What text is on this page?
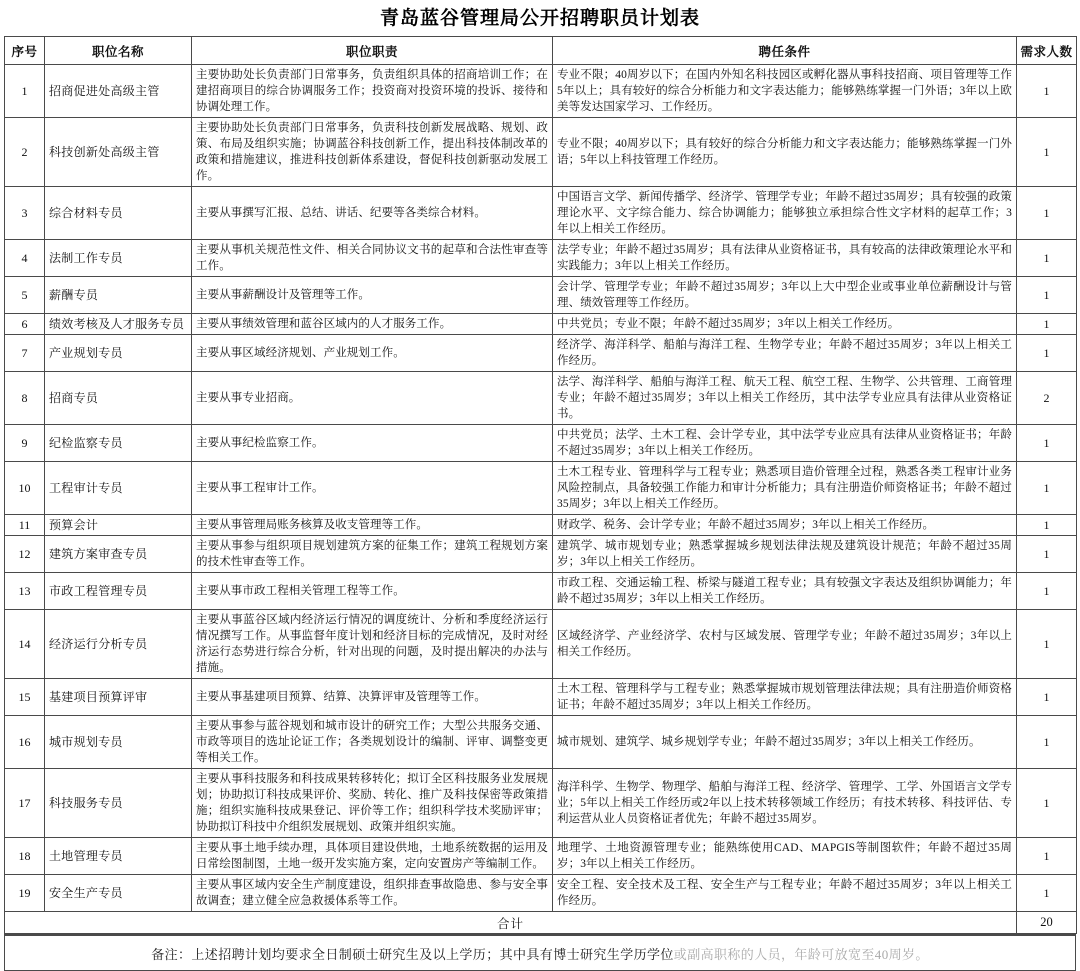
青岛蓝谷管理局公开招聘职员计划表
序号	职位名称	职位职责	聘任条件	需求人数
1	招商促进处高级主管	主要协助处长负责部门日常事务，负责组织具体的招商培训工作；在建招商项目的综合协调服务工作；投资商对投资环境的投诉、接待和协调处理工作。	专业不限；40周岁以下；在国内外知名科技园区或孵化器从事科技招商、项目管理等工作5年以上；具有较好的综合分析能力和文字表达能力；能够熟练掌握一门外语；3年以上欧美等发达国家学习、工作经历。	1
2	科技创新处高级主管	主要协助处长负责部门日常事务，负责科技创新发展战略、规划、政策、布局及组织实施；协调蓝谷科技创新工作，提出科技体制改革的政策和措施建议，推进科技创新体系建设，督促科技创新驱动发展工作。	专业不限；40周岁以下；具有较好的综合分析能力和文字表达能力；能够熟练掌握一门外语；5年以上科技管理工作经历。	1
3	综合材料专员	主要从事撰写汇报、总结、讲话、纪要等各类综合材料。	中国语言文学、新闻传播学、经济学、管理学专业；年龄不超过35周岁；具有较强的政策理论水平、文字综合能力、综合协调能力；能够独立承担综合性文字材料的起草工作；3年以上相关工作经历。	1
4	法制工作专员	主要从事机关规范性文件、相关合同协议文书的起草和合法性审查等工作。	法学专业；年龄不超过35周岁；具有法律从业资格证书，具有较高的法律政策理论水平和实践能力；3年以上相关工作经历。	1
5	薪酬专员	主要从事薪酬设计及管理等工作。	会计学、管理学专业；年龄不超过35周岁；3年以上大中型企业或事业单位薪酬设计与管理、绩效管理等工作经历。	1
6	绩效考核及人才服务专员	主要从事绩效管理和蓝谷区域内的人才服务工作。	中共党员；专业不限；年龄不超过35周岁；3年以上相关工作经历。	1
7	产业规划专员	主要从事区域经济规划、产业规划工作。	经济学、海洋科学、船舶与海洋工程、生物学专业；年龄不超过35周岁；3年以上相关工作经历。	1
8	招商专员	主要从事专业招商。	法学、海洋科学、船舶与海洋工程、航天工程、航空工程、生物学、公共管理、工商管理专业；年龄不超过35周岁；3年以上相关工作经历，其中法学专业应具有法律从业资格证书。	2
9	纪检监察专员	主要从事纪检监察工作。	中共党员；法学、土木工程、会计学专业，其中法学专业应具有法律从业资格证书；年龄不超过35周岁；3年以上相关工作经历。	1
10	工程审计专员	主要从事工程审计工作。	土木工程专业、管理科学与工程专业；熟悉项目造价管理全过程，熟悉各类工程审计业务风险控制点，具备较强工作能力和审计分析能力；具有注册造价师资格证书；年龄不超过35周岁；3年以上相关工作经历。	1
11	预算会计	主要从事管理局账务核算及收支管理等工作。	财政学、税务、会计学专业；年龄不超过35周岁；3年以上相关工作经历。	1
12	建筑方案审查专员	主要从事参与组织项目规划建筑方案的征集工作；建筑工程规划方案的技术性审查等工作。	建筑学、城市规划专业；熟悉掌握城乡规划法律法规及建筑设计规范；年龄不超过35周岁；3年以上相关工作经历。	1
13	市政工程管理专员	主要从事市政工程相关管理工程等工作。	市政工程、交通运输工程、桥梁与隧道工程专业；具有较强文字表达及组织协调能力；年龄不超过35周岁；3年以上相关工作经历。	1
14	经济运行分析专员	主要从事蓝谷区域内经济运行情况的调度统计、分析和季度经济运行情况撰写工作。从事监督年度计划和经济目标的完成情况，及时对经济运行态势进行综合分析，针对出现的问题，及时提出解决的办法与措施。	区域经济学、产业经济学、农村与区域发展、管理学专业；年龄不超过35周岁；3年以上相关工作经历。	1
15	基建项目预算评审	主要从事基建项目预算、结算、决算评审及管理等工作。	土木工程、管理科学与工程专业；熟悉掌握城市规划管理法律法规；具有注册造价师资格证书；年龄不超过35周岁；3年以上相关工作经历。	1
16	城市规划专员	主要从事参与蓝谷规划和城市设计的研究工作；大型公共服务交通、市政等项目的选址论证工作；各类规划设计的编制、评审、调整变更等相关工作。	城市规划、建筑学、城乡规划学专业；年龄不超过35周岁；3年以上相关工作经历。	1
17	科技服务专员	主要从事科技服务和科技成果转移转化；拟订全区科技服务业发展规划；协助拟订科技成果评价、奖励、转化、推广及科技保密等政策措施；组织实施科技成果登记、评价等工作；组织科学技术奖励评审；协助拟订科技中介组织发展规划、政策并组织实施。	海洋科学、生物学、物理学、船舶与海洋工程、经济学、管理学、工学、外国语言文学专业；5年以上相关工作经历或2年以上技术转移领域工作经历；有技术转移、科技评估、专利运营从业人员资格证者优先；年龄不超过35周岁。	1
18	土地管理专员	主要从事土地手续办理，具体项目建设供地，土地系统数据的运用及日常绘图制图，土地一级开发实施方案，定向安置房产等编制工作。	地理学、土地资源管理专业；能熟练使用CAD、MAPGIS等制图软件；年龄不超过35周岁；3年以上相关工作经历。	1
19	安全生产专员	主要从事区域内安全生产制度建设，组织排查事故隐患、参与安全事故调查；建立健全应急救援体系等工作。	安全工程、安全技术及工程、安全生产与工程专业；年龄不超过35周岁；3年以上相关工作经历。	1
合计				20
备注：上述招聘计划均要求全日制硕士研究生及以上学历；其中具有博士研究生学历学位或副高职称的人员，年龄可放宽至40周岁。
